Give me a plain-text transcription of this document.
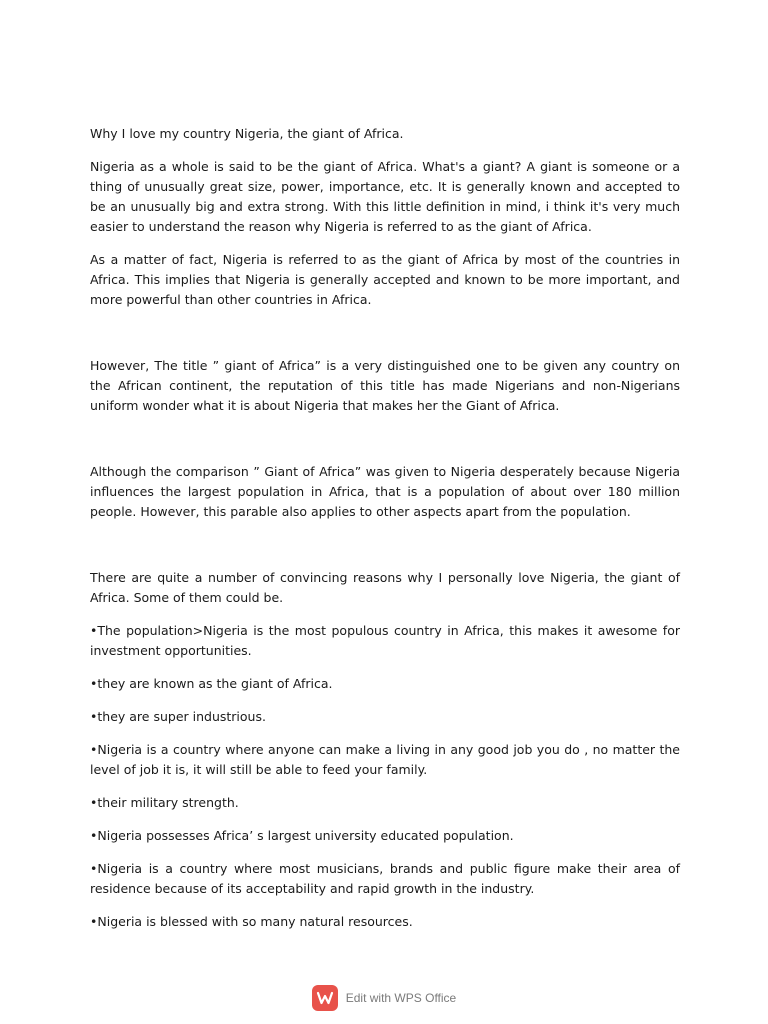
Why I love my country Nigeria, the giant of Africa.

Nigeria as a whole is said to be the giant of Africa. What's a giant? A giant is someone or a thing of unusually great size, power, importance, etc. It is generally known and accepted to be an unusually big and extra strong. With this little definition in mind, i think it's very much easier to understand the reason why Nigeria is referred to as the giant of Africa.

As a matter of fact, Nigeria is referred to as the giant of Africa by most of the countries in Africa. This implies that Nigeria is generally accepted and known to be more important, and more powerful than other countries in Africa.

However, The title ” giant of Africa” is a very distinguished one to be given any country on the African continent, the reputation of this title has made Nigerians and non-Nigerians uniform wonder what it is about Nigeria that makes her the Giant of Africa.

Although the comparison ” Giant of Africa” was given to Nigeria desperately because Nigeria influences the largest population in Africa, that is a population of about over 180 million people. However, this parable also applies to other aspects apart from the population.

There are quite a number of convincing reasons why I personally love Nigeria, the giant of Africa. Some of them could be.

•The population>Nigeria is the most populous country in Africa, this makes it awesome for investment opportunities.

•they are known as the giant of Africa.

•they are super industrious.

•Nigeria is a country where anyone can make a living in any good job you do , no matter the level of job it is, it will still be able to feed your family.

•their military strength.

•Nigeria possesses Africa’ s largest university educated population.

•Nigeria is a country where most musicians, brands and public figure make their area of residence because of its acceptability and rapid growth in the industry.

•Nigeria is blessed with so many natural resources.

Edit with WPS Office
